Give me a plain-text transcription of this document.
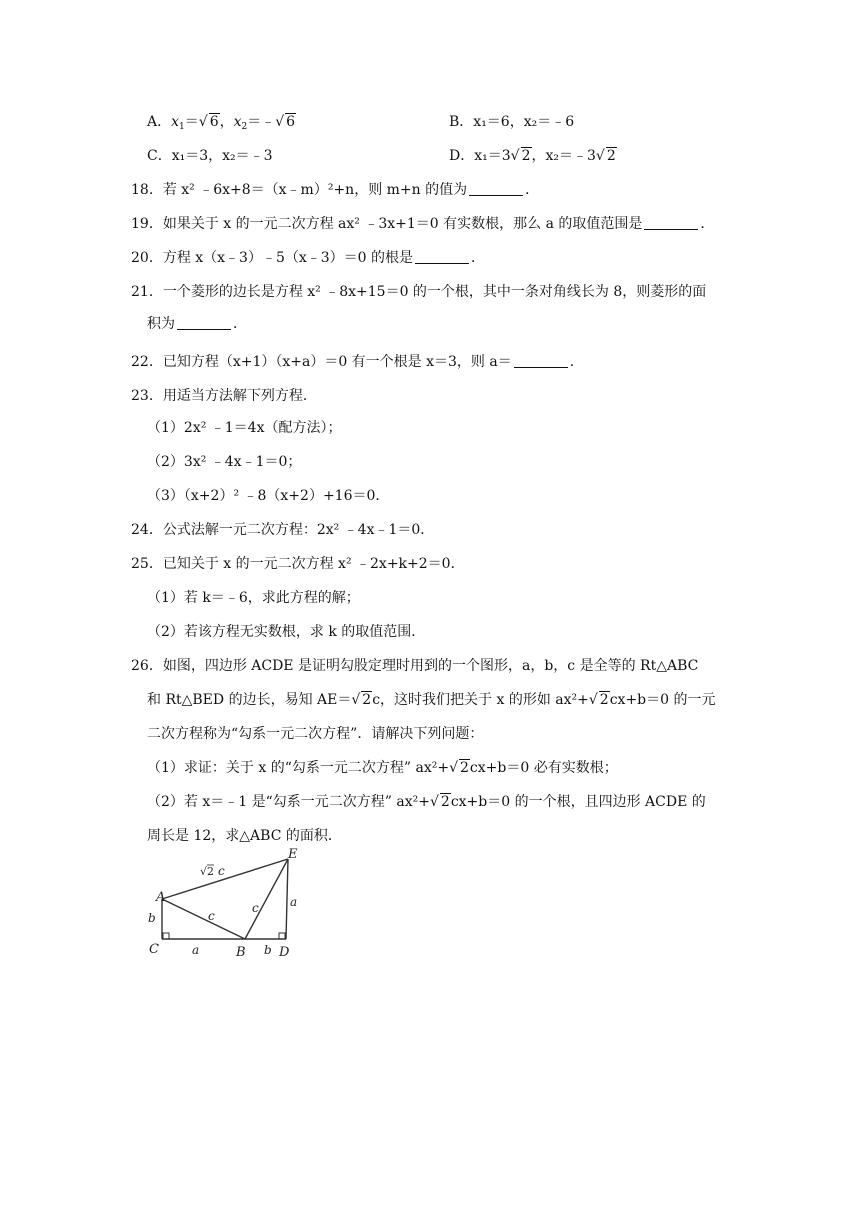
A．$x_1=√$ 6，$x_2=﹣√$ 6	B．x₁＝6，x₂＝﹣6
C．x₁＝3，x₂＝﹣3	D．x₁＝3√ 2，x₂＝﹣3√ 2
18．若 x² ﹣6x+8＝（x﹣m）²+n，则 m+n 的值为	．
19．如果关于 x 的一元二次方程 ax² ﹣3x+1＝0 有实数根，那么 a 的取值范围是	．
20．方程 x（x﹣3）﹣5（x﹣3）＝0 的根是	．
21．一个菱形的边长是方程 x² ﹣8x+15＝0 的一个根，其中一条对角线长为 8，则菱形的面
积为	．
22．已知方程（x+1）（x+a）＝0 有一个根是 x＝3，则 a＝	．
23．用适当方法解下列方程．
（1）2x² ﹣1＝4x（配方法）；
（2）3x² ﹣4x﹣1＝0；
（3）（x+2）² ﹣8（x+2）+16＝0．
24．公式法解一元二次方程：2x² ﹣4x﹣1＝0．
25．已知关于 x 的一元二次方程 x² ﹣2x+k+2＝0．
（1）若 k＝﹣6，求此方程的解；
（2）若该方程无实数根，求 k 的取值范围．
26．如图，四边形 ACDE 是证明勾股定理时用到的一个图形，a，b，c 是全等的 Rt△ABC
和 Rt△BED 的边长，易知 AE＝√ 2c，这时我们把关于 x 的形如 ax²+√ 2cx+b＝0 的一元
二次方程称为“勾系一元二次方程”．请解决下列问题：
（1）求证：关于 x 的“勾系一元二次方程” ax²+√ 2cx+b＝0 必有实数根；
（2）若 x＝﹣1 是“勾系一元二次方程” ax²+√ 2cx+b＝0 的一个根，且四边形 ACDE 的
周长是 12，求△ABC 的面积．
A
B
C	D
E
√ 2 c
b
a	b
c
c	a
